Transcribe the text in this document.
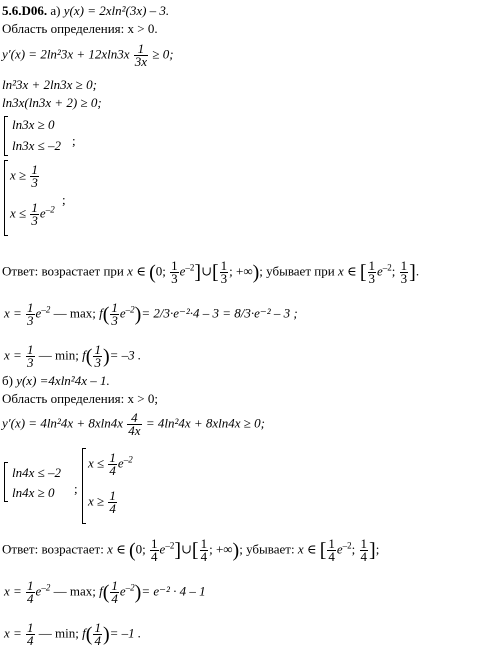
5.6.D06. а) y(x) = 2xln²(3x) – 3.
Область определения: x > 0.
$y'(x) = 2\ln^23x + 12xln3x \frac{1}{3x} \ge 0$;
ln²3x + 2ln3x ≥ 0;
ln3x(ln3x + 2) ≥ 0;
ln3x ≥ 0
ln3x ≤ –2 ;
$x \ge \frac{1}{3}$
$x \le \frac{1}{3} e^{-2}$
;
Ответ: возрастает при x ∈ (0; $\frac{1}{3}$ $e^{-2}]\cup[ \frac{1}{3}$ ; +∞); убывает при x ∈ [ $\frac{1}{3} e^{-2}$; $\frac{1}{3}$ ].
$x = \frac{1}{3} e^{-2}$ — max; $f( \frac{1}{3} e^{-2})= 2/3\cdot e^{-2}\cdot 4 - 3 = 8/3\cdot e^{-2} - 3$ ;
$x = \frac{1}{3}$ — min; $f( \frac{1}{3}$ )= –3 .
б) y(x) =4xln²4x – 1.
Область определения: x > 0;
$y'(x) = 4\ln^24x + 8xln4x \frac{4}{4x} = 4\ln^24x + 8xln4x \ge 0$;
ln4x ≤ –2
ln4x ≥ 0 ;
$x \le \frac{1}{4} e^{-2}$
$x \ge \frac{1}{4}$
Ответ: возрастает: x ∈ (0; $\frac{1}{4}$ $e^{-2}]\cup[ \frac{1}{4}$ ; +∞); убывает: x ∈ [ $\frac{1}{4} e^{-2}$; $\frac{1}{4}$ ];
$x = \frac{1}{4} e^{-2}$ — max; $f( \frac{1}{4} e^{-2})= e^{-2} \cdot 4 - 1$
$x = \frac{1}{4}$ — min; $f( \frac{1}{4}$ )= –1 .
